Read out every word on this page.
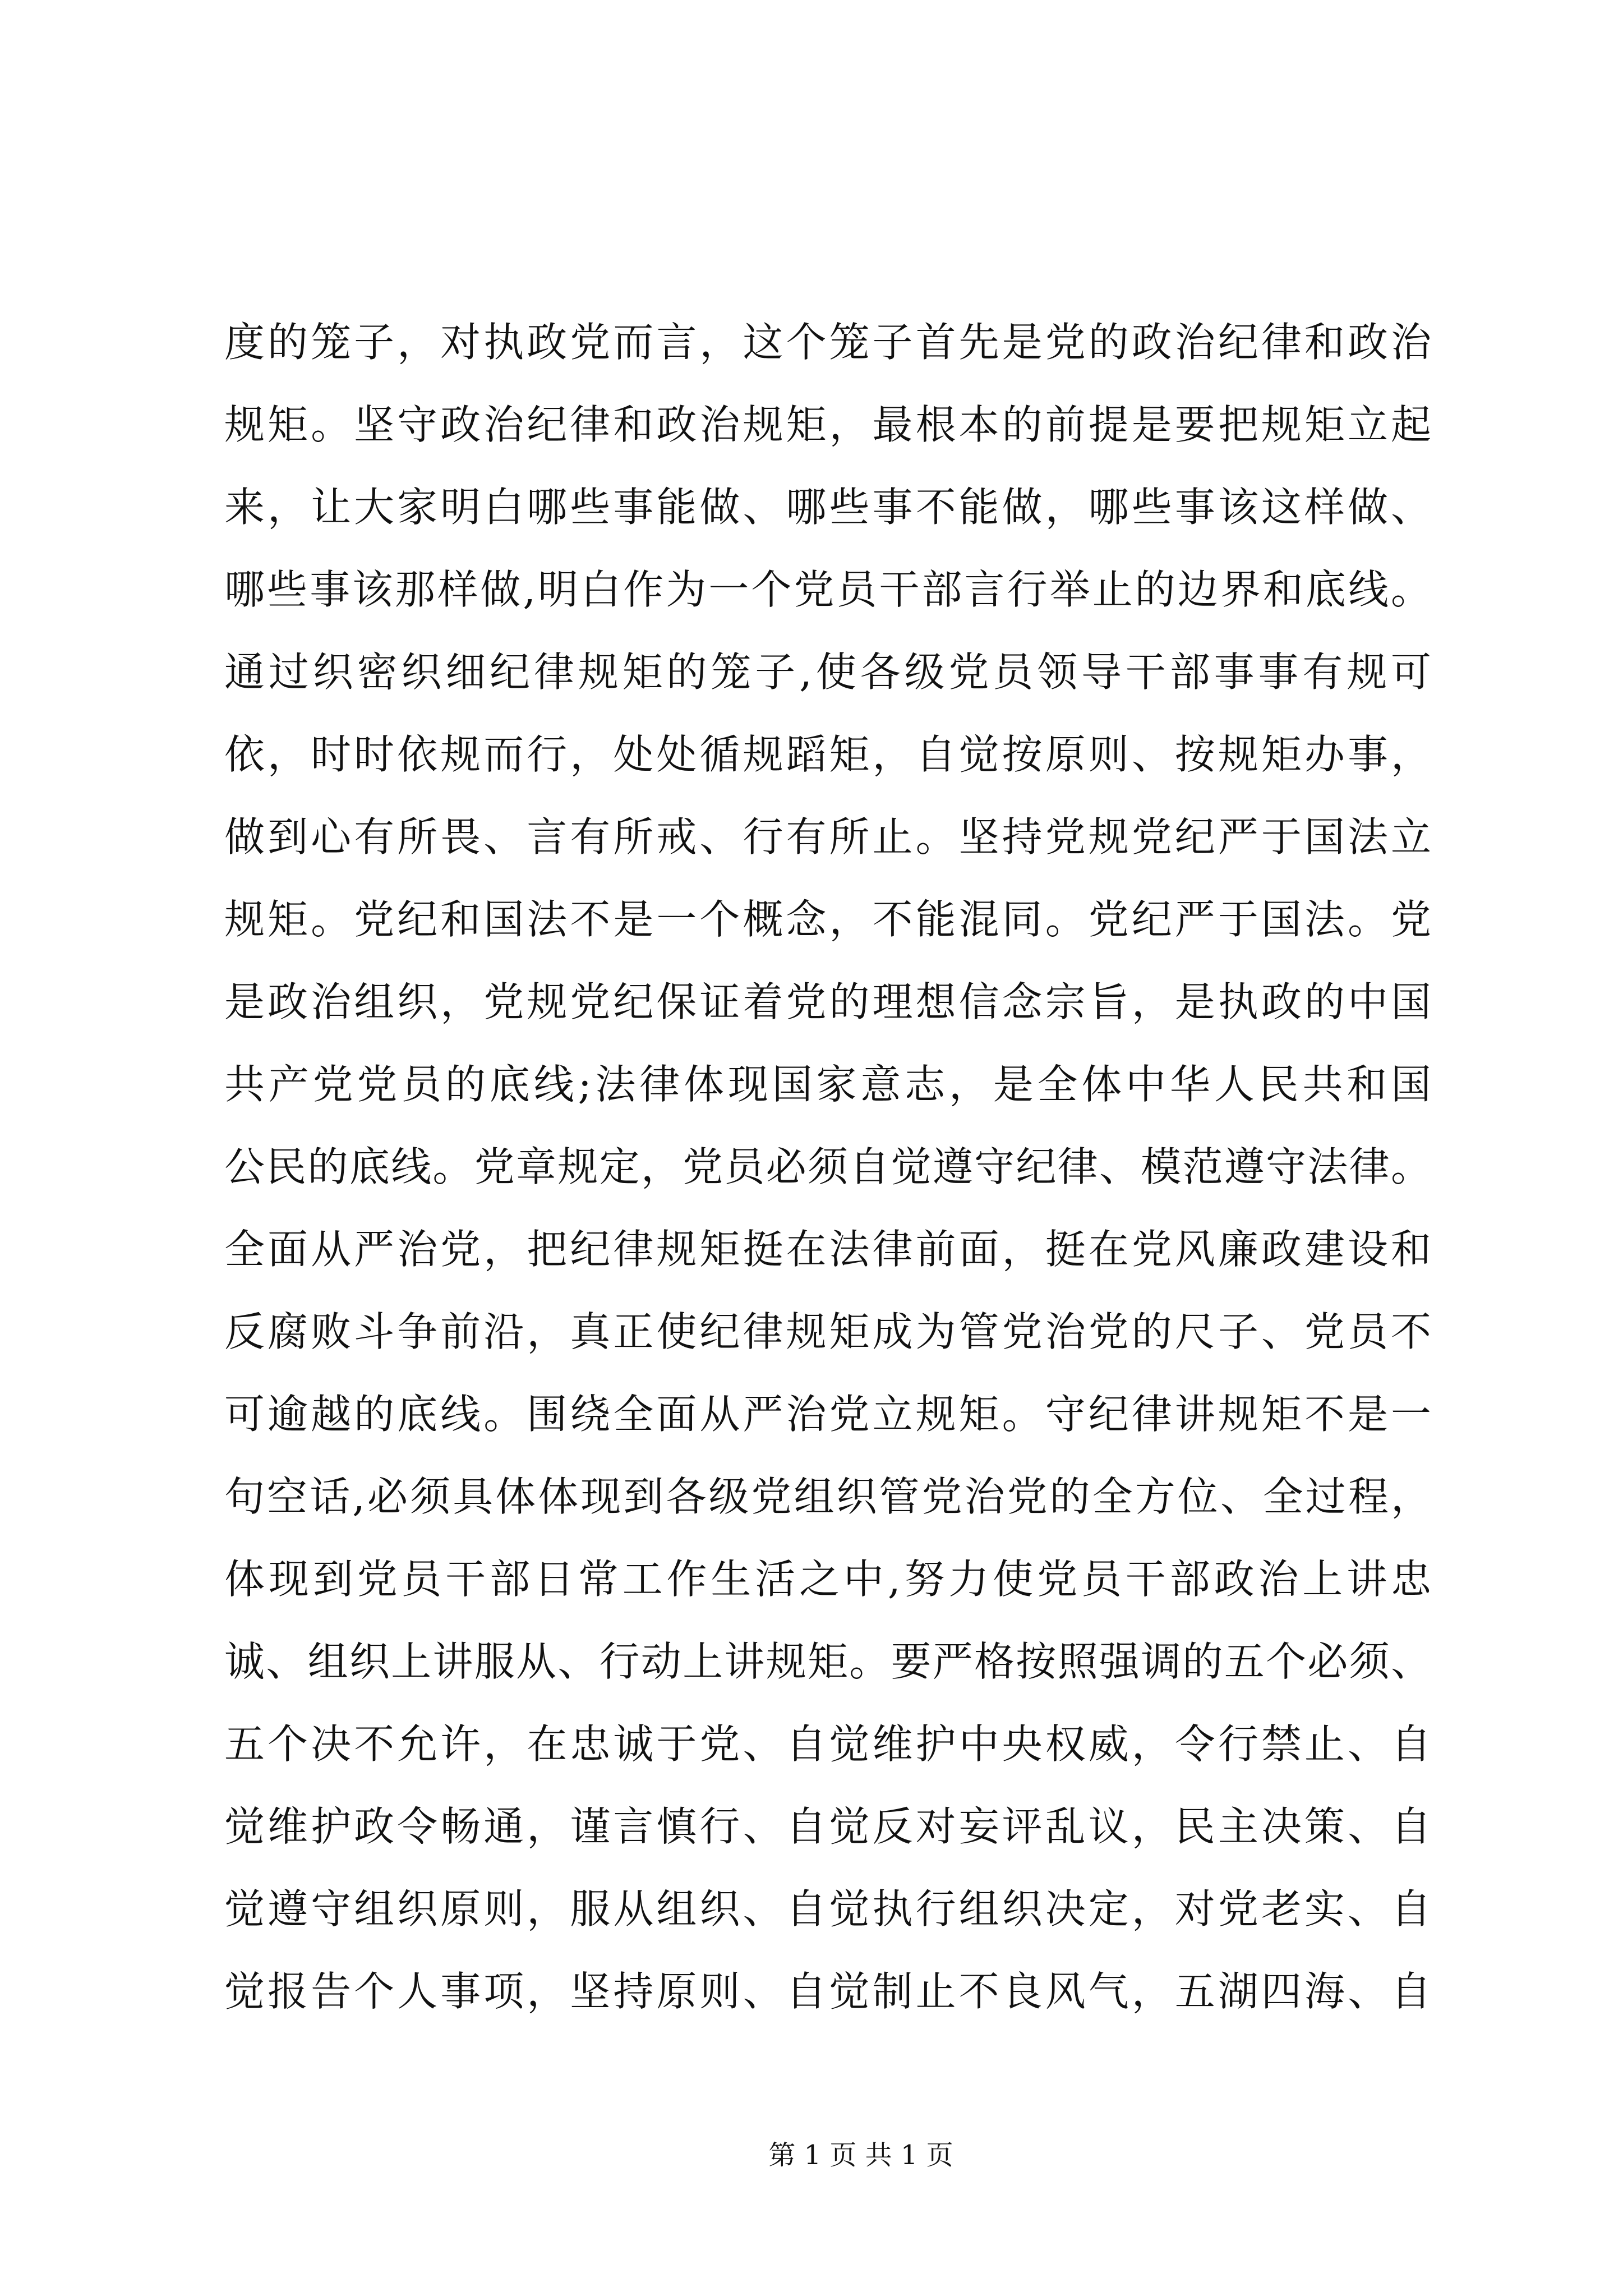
度的笼子，对执政党而言，这个笼子首先是党的政治纪律和政治
规矩。坚守政治纪律和政治规矩，最根本的前提是要把规矩立起
来，让大家明白哪些事能做、哪些事不能做，哪些事该这样做、
哪些事该那样做,明白作为一个党员干部言行举止的边界和底线。
通过织密织细纪律规矩的笼子,使各级党员领导干部事事有规可
依，时时依规而行，处处循规蹈矩，自觉按原则、按规矩办事，
做到心有所畏、言有所戒、行有所止。坚持党规党纪严于国法立
规矩。党纪和国法不是一个概念，不能混同。党纪严于国法。党
是政治组织，党规党纪保证着党的理想信念宗旨，是执政的中国
共产党党员的底线;法律体现国家意志，是全体中华人民共和国
公民的底线。党章规定，党员必须自觉遵守纪律、模范遵守法律。
全面从严治党，把纪律规矩挺在法律前面，挺在党风廉政建设和
反腐败斗争前沿，真正使纪律规矩成为管党治党的尺子、党员不
可逾越的底线。围绕全面从严治党立规矩。守纪律讲规矩不是一
句空话,必须具体体现到各级党组织管党治党的全方位、全过程，
体现到党员干部日常工作生活之中,努力使党员干部政治上讲忠
诚、组织上讲服从、行动上讲规矩。要严格按照强调的五个必须、
五个决不允许，在忠诚于党、自觉维护中央权威，令行禁止、自
觉维护政令畅通，谨言慎行、自觉反对妄评乱议，民主决策、自
觉遵守组织原则，服从组织、自觉执行组织决定，对党老实、自
觉报告个人事项，坚持原则、自觉制止不良风气，五湖四海、自
第 1 页 共 1 页
